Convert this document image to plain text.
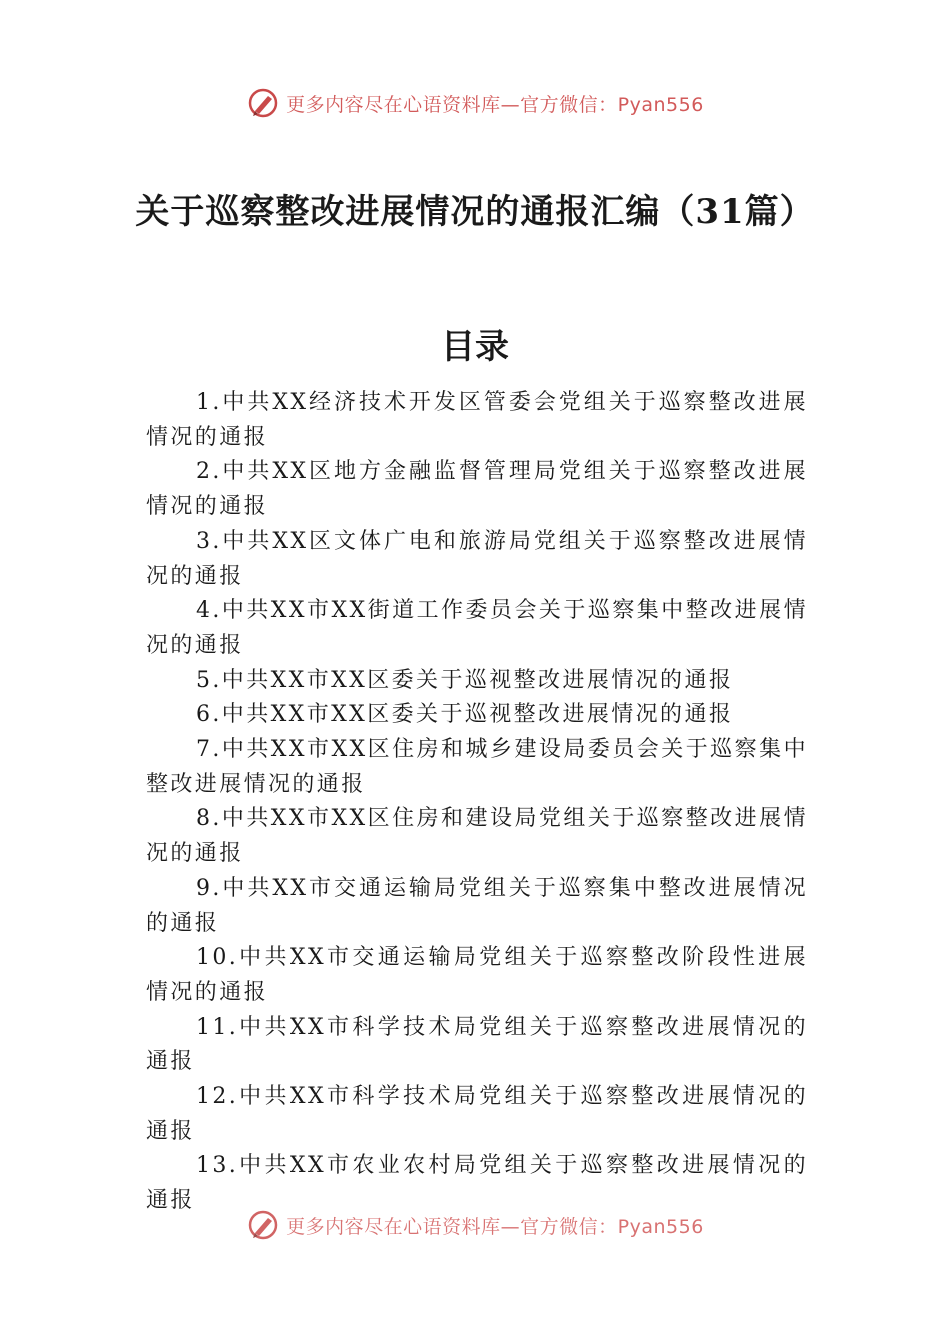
更多内容尽在心语资料库—官方微信：Pyan556
关于巡察整改进展情况的通报汇编（31篇）
目录
1.中共XX经济技术开发区管委会党组关于巡察整改进展情况的通报
2.中共XX区地方金融监督管理局党组关于巡察整改进展情况的通报
3.中共XX区文体广电和旅游局党组关于巡察整改进展情况的通报
4.中共XX市XX街道工作委员会关于巡察集中整改进展情况的通报
5.中共XX市XX区委关于巡视整改进展情况的通报
6.中共XX市XX区委关于巡视整改进展情况的通报
7.中共XX市XX区住房和城乡建设局委员会关于巡察集中整改进展情况的通报
8.中共XX市XX区住房和建设局党组关于巡察整改进展情况的通报
9.中共XX市交通运输局党组关于巡察集中整改进展情况的通报
10.中共XX市交通运输局党组关于巡察整改阶段性进展情况的通报
11.中共XX市科学技术局党组关于巡察整改进展情况的通报
12.中共XX市科学技术局党组关于巡察整改进展情况的通报
13.中共XX市农业农村局党组关于巡察整改进展情况的通报
更多内容尽在心语资料库—官方微信：Pyan556
